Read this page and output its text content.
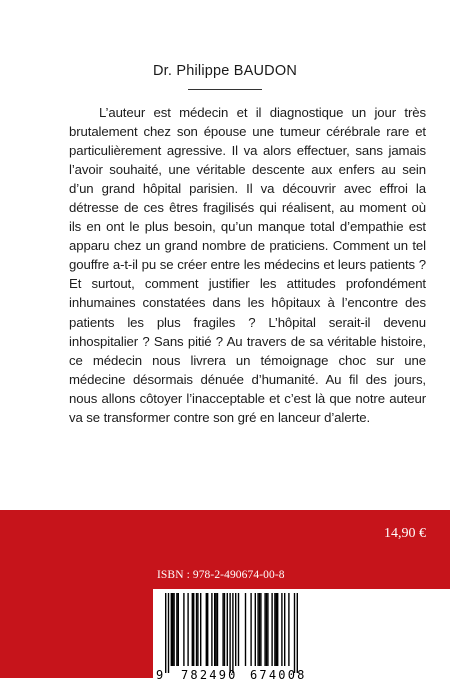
Dr. Philippe BAUDON

L’auteur est médecin et il diagnostique un jour très brutalement chez son épouse une tumeur cérébrale rare et particulièrement agressive. Il va alors effectuer, sans jamais l’avoir souhaité, une véritable descente aux enfers au sein d’un grand hôpital parisien. Il va découvrir avec effroi la détresse de ces êtres fragilisés qui réalisent, au moment où ils en ont le plus besoin, qu’un manque total d’empathie est apparu chez un grand nombre de praticiens. Comment un tel gouffre a-t-il pu se créer entre les médecins et leurs patients ? Et surtout, comment justifier les attitudes profondément inhumaines constatées dans les hôpitaux à l’encontre des patients les plus fragiles ? L’hôpital serait-il devenu inhospitalier ? Sans pitié ? Au travers de sa véritable histoire, ce médecin nous livrera un témoignage choc sur une médecine désormais dénuée d’humanité. Au fil des jours, nous allons côtoyer l’inacceptable et c’est là que notre auteur va se transformer contre son gré en lanceur d’alerte.

14,90 €
ISBN : 978-2-490674-00-8
9 782490 674008
